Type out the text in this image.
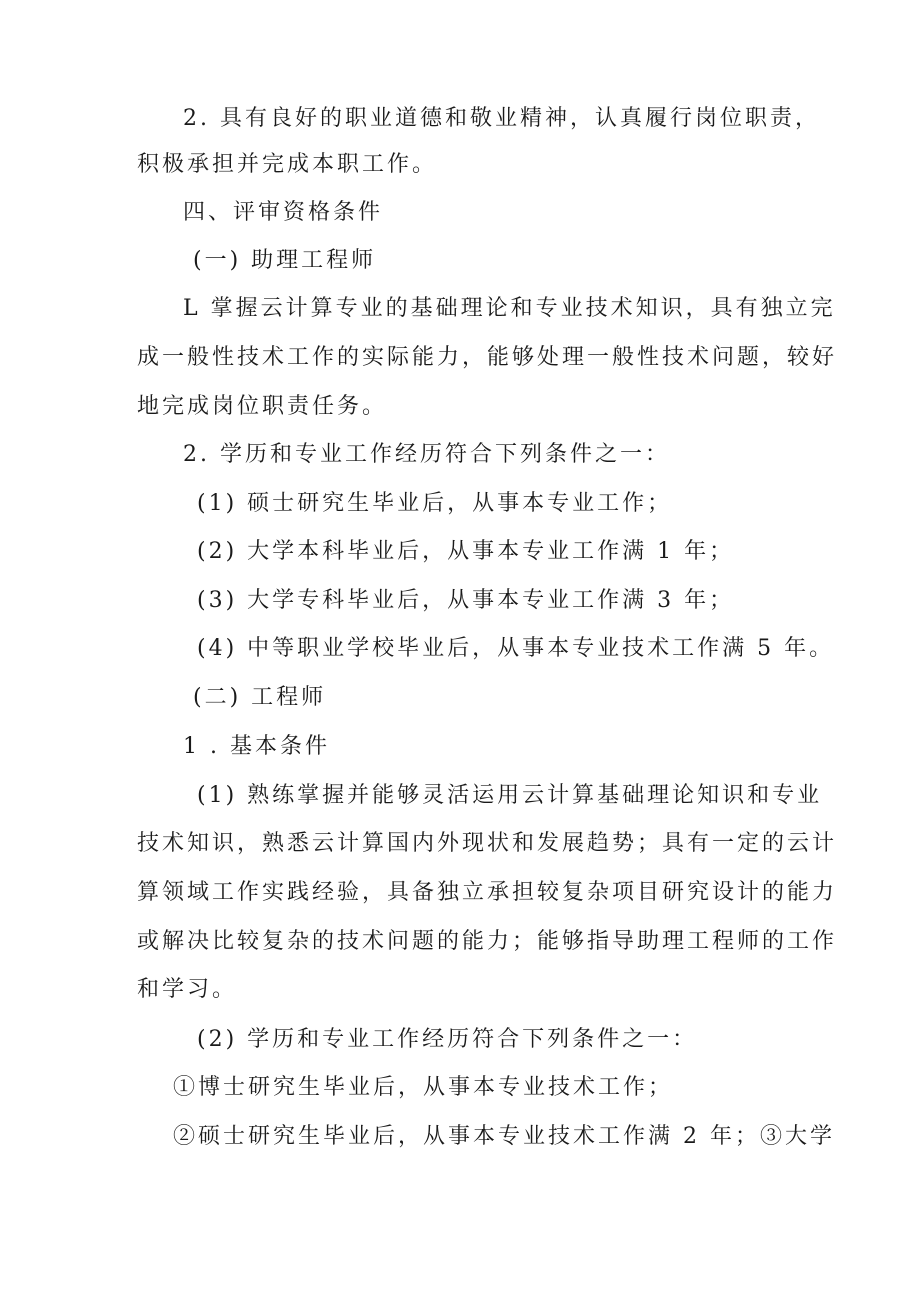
2. 具有良好的职业道德和敬业精神，认真履行岗位职责，
积极承担并完成本职工作。
四、评审资格条件
(一) 助理工程师
L 掌握云计算专业的基础理论和专业技术知识，具有独立完
成一般性技术工作的实际能力，能够处理一般性技术问题，较好
地完成岗位职责任务。
2. 学历和专业工作经历符合下列条件之一：
(1) 硕士研究生毕业后，从事本专业工作；
(2) 大学本科毕业后，从事本专业工作满 1 年；
(3) 大学专科毕业后，从事本专业工作满 3 年；
(4) 中等职业学校毕业后，从事本专业技术工作满 5 年。
(二) 工程师
1 . 基本条件
(1) 熟练掌握并能够灵活运用云计算基础理论知识和专业
技术知识，熟悉云计算国内外现状和发展趋势；具有一定的云计
算领域工作实践经验，具备独立承担较复杂项目研究设计的能力
或解决比较复杂的技术问题的能力；能够指导助理工程师的工作
和学习。
(2) 学历和专业工作经历符合下列条件之一：
①博士研究生毕业后，从事本专业技术工作；
②硕士研究生毕业后，从事本专业技术工作满 2 年；③大学
